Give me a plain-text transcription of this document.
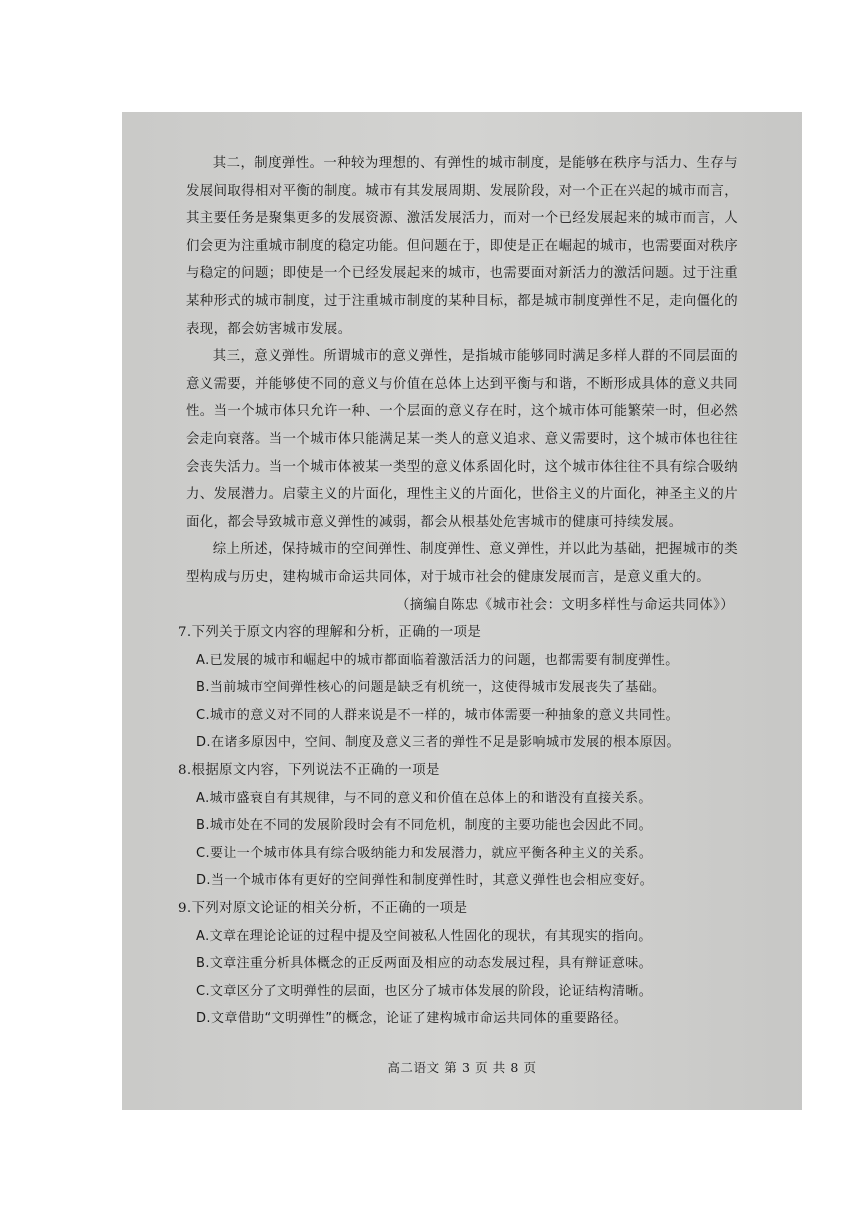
其二，制度弹性。一种较为理想的、有弹性的城市制度，是能够在秩序与活力、生存与发展间取得相对平衡的制度。城市有其发展周期、发展阶段，对一个正在兴起的城市而言，其主要任务是聚集更多的发展资源、激活发展活力，而对一个已经发展起来的城市而言，人们会更为注重城市制度的稳定功能。但问题在于，即使是正在崛起的城市，也需要面对秩序与稳定的问题；即使是一个已经发展起来的城市，也需要面对新活力的激活问题。过于注重某种形式的城市制度，过于注重城市制度的某种目标，都是城市制度弹性不足，走向僵化的表现，都会妨害城市发展。

其三，意义弹性。所谓城市的意义弹性，是指城市能够同时满足多样人群的不同层面的意义需要，并能够使不同的意义与价值在总体上达到平衡与和谐，不断形成具体的意义共同性。当一个城市体只允许一种、一个层面的意义存在时，这个城市体可能繁荣一时，但必然会走向衰落。当一个城市体只能满足某一类人的意义追求、意义需要时，这个城市体也往往会丧失活力。当一个城市体被某一类型的意义体系固化时，这个城市体往往不具有综合吸纳力、发展潜力。启蒙主义的片面化，理性主义的片面化，世俗主义的片面化，神圣主义的片面化，都会导致城市意义弹性的减弱，都会从根基处危害城市的健康可持续发展。

综上所述，保持城市的空间弹性、制度弹性、意义弹性，并以此为基础，把握城市的类型构成与历史，建构城市命运共同体，对于城市社会的健康发展而言，是意义重大的。

（摘编自陈忠《城市社会：文明多样性与命运共同体》）

7.下列关于原文内容的理解和分析，正确的一项是

A.已发展的城市和崛起中的城市都面临着激活活力的问题，也都需要有制度弹性。

B.当前城市空间弹性核心的问题是缺乏有机统一，这使得城市发展丧失了基础。

C.城市的意义对不同的人群来说是不一样的，城市体需要一种抽象的意义共同性。

D.在诸多原因中，空间、制度及意义三者的弹性不足是影响城市发展的根本原因。

8.根据原文内容，下列说法不正确的一项是

A.城市盛衰自有其规律，与不同的意义和价值在总体上的和谐没有直接关系。

B.城市处在不同的发展阶段时会有不同危机，制度的主要功能也会因此不同。

C.要让一个城市体具有综合吸纳能力和发展潜力，就应平衡各种主义的关系。

D.当一个城市体有更好的空间弹性和制度弹性时，其意义弹性也会相应变好。

9.下列对原文论证的相关分析，不正确的一项是

A.文章在理论论证的过程中提及空间被私人性固化的现状，有其现实的指向。

B.文章注重分析具体概念的正反两面及相应的动态发展过程，具有辩证意味。

C.文章区分了文明弹性的层面，也区分了城市体发展的阶段，论证结构清晰。

D.文章借助“文明弹性”的概念，论证了建构城市命运共同体的重要路径。

高二语文 第 3 页 共 8 页
